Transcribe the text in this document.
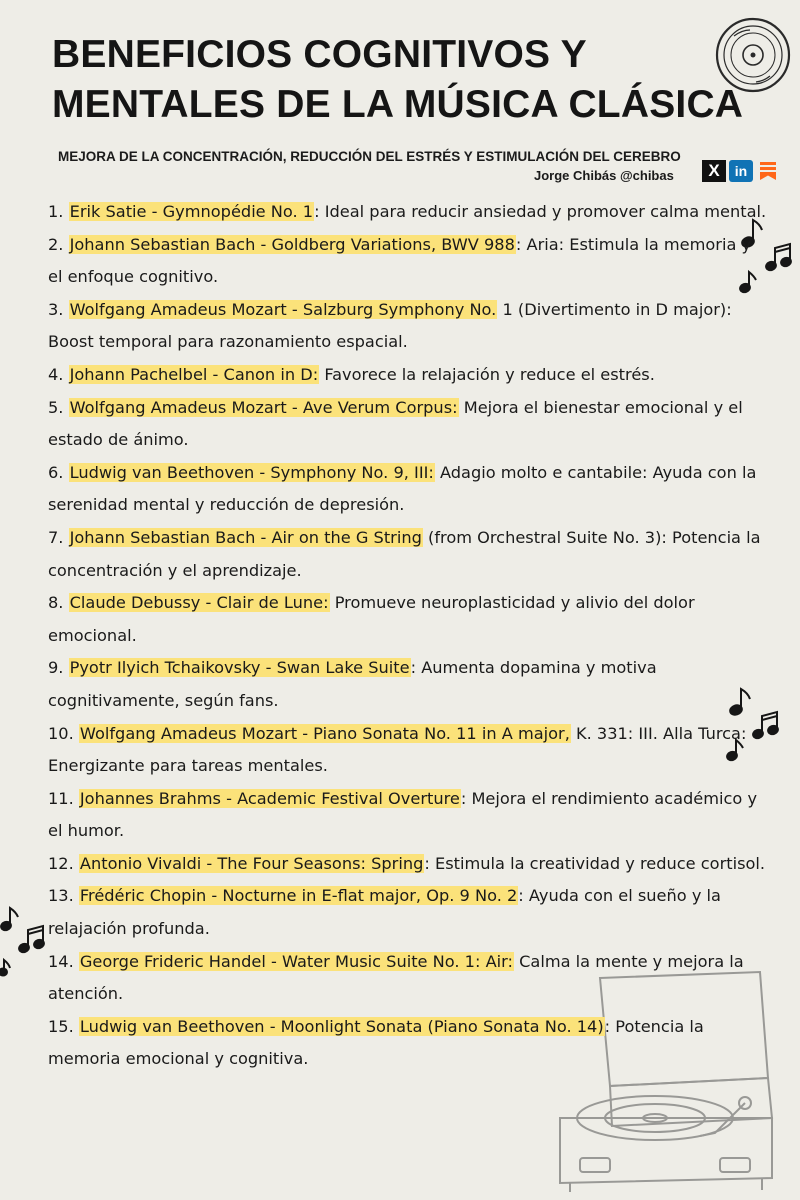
BENEFICIOS COGNITIVOS Y
MENTALES DE LA MÚSICA CLÁSICA
MEJORA DE LA CONCENTRACIÓN, REDUCCIÓN DEL ESTRÉS Y ESTIMULACIÓN DEL CEREBRO
Jorge Chibás @chibas	X	in
1. Erik Satie - Gymnopédie No. 1: Ideal para reducir ansiedad y promover calma mental.
2. Johann Sebastian Bach - Goldberg Variations, BWV 988: Aria: Estimula la memoria y el enfoque cognitivo.
3. Wolfgang Amadeus Mozart - Salzburg Symphony No. 1 (Divertimento in D major): Boost temporal para razonamiento espacial.
4. Johann Pachelbel - Canon in D: Favorece la relajación y reduce el estrés.
5. Wolfgang Amadeus Mozart - Ave Verum Corpus: Mejora el bienestar emocional y el estado de ánimo.
6. Ludwig van Beethoven - Symphony No. 9, III: Adagio molto e cantabile: Ayuda con la serenidad mental y reducción de depresión.
7. Johann Sebastian Bach - Air on the G String (from Orchestral Suite No. 3): Potencia la concentración y el aprendizaje.
8. Claude Debussy - Clair de Lune: Promueve neuroplasticidad y alivio del dolor emocional.
9. Pyotr Ilyich Tchaikovsky - Swan Lake Suite: Aumenta dopamina y motiva cognitivamente, según fans.
10. Wolfgang Amadeus Mozart - Piano Sonata No. 11 in A major, K. 331: III. Alla Turca: Energizante para tareas mentales.
11. Johannes Brahms - Academic Festival Overture: Mejora el rendimiento académico y el humor.
12. Antonio Vivaldi - The Four Seasons: Spring: Estimula la creatividad y reduce cortisol.
13. Frédéric Chopin - Nocturne in E-flat major, Op. 9 No. 2: Ayuda con el sueño y la relajación profunda.
14. George Frideric Handel - Water Music Suite No. 1: Air: Calma la mente y mejora la atención.
15. Ludwig van Beethoven - Moonlight Sonata (Piano Sonata No. 14): Potencia la memoria emocional y cognitiva.
